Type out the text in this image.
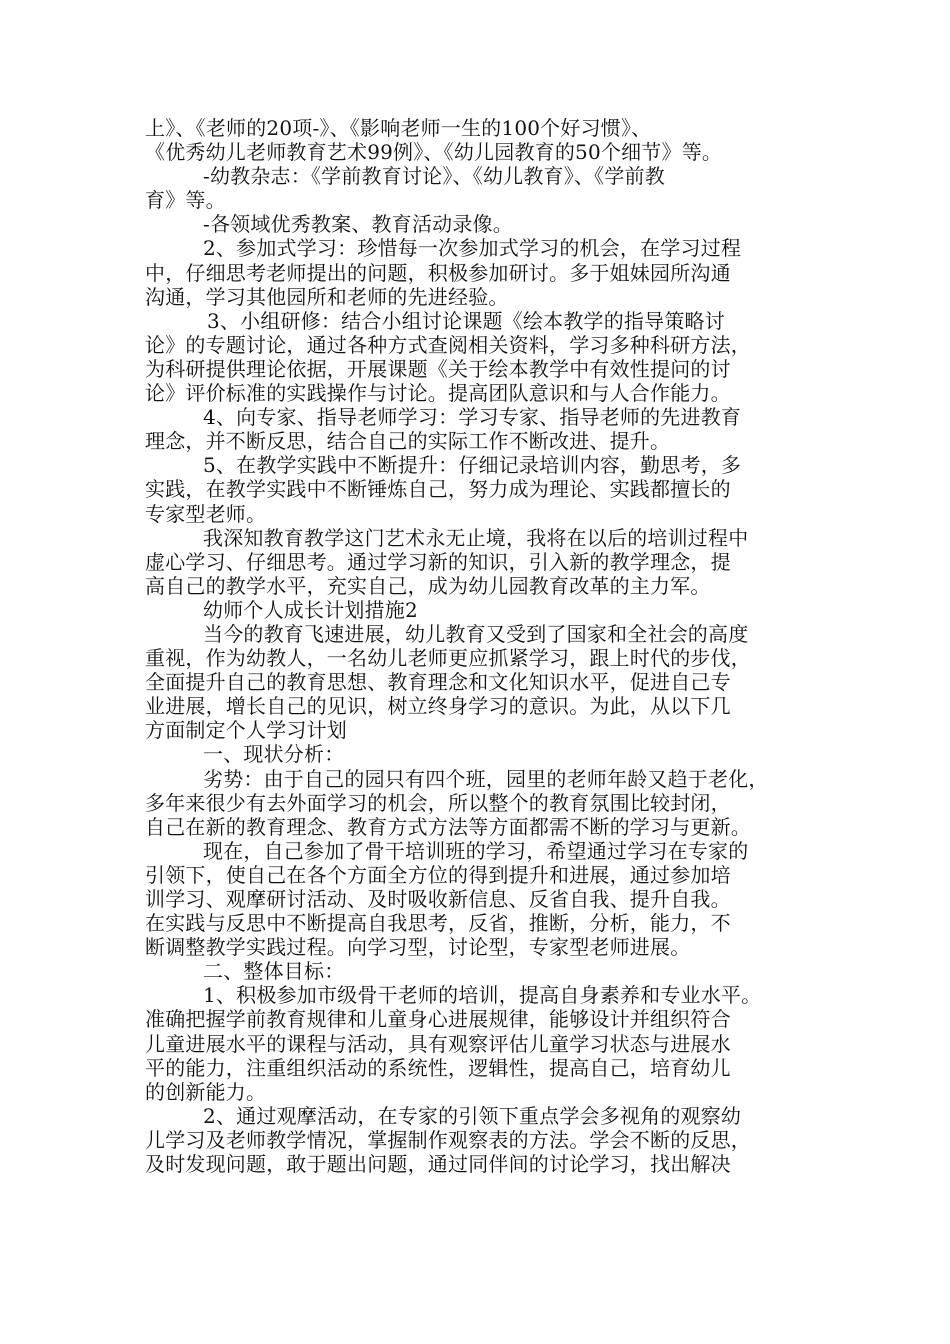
上》、《老师的20项-》、《影响老师一生的100个好习惯》、
《优秀幼儿老师教育艺术99例》、《幼儿园教育的50个细节》等。
-幼教杂志：《学前教育讨论》、《幼儿教育》、《学前教
育》等。
-各领域优秀教案、教育活动录像。
2、参加式学习：珍惜每一次参加式学习的机会，在学习过程
中，仔细思考老师提出的问题，积极参加研讨。多于姐妹园所沟通
沟通，学习其他园所和老师的先进经验。
3、小组研修：结合小组讨论课题《绘本教学的指导策略讨
论》的专题讨论，通过各种方式查阅相关资料，学习多种科研方法，
为科研提供理论依据，开展课题《关于绘本教学中有效性提问的讨
论》评价标准的实践操作与讨论。提高团队意识和与人合作能力。
4、向专家、指导老师学习：学习专家、指导老师的先进教育
理念，并不断反思，结合自己的实际工作不断改进、提升。
5、在教学实践中不断提升：仔细记录培训内容，勤思考，多
实践，在教学实践中不断锤炼自己，努力成为理论、实践都擅长的
专家型老师。
我深知教育教学这门艺术永无止境，我将在以后的培训过程中
虚心学习、仔细思考。通过学习新的知识，引入新的教学理念，提
高自己的教学水平，充实自己，成为幼儿园教育改革的主力军。
幼师个人成长计划措施2
当今的教育飞速进展，幼儿教育又受到了国家和全社会的高度
重视，作为幼教人，一名幼儿老师更应抓紧学习，跟上时代的步伐，
全面提升自己的教育思想、教育理念和文化知识水平，促进自己专
业进展，增长自己的见识，树立终身学习的意识。为此，从以下几
方面制定个人学习计划
一、现状分析：
劣势：由于自己的园只有四个班，园里的老师年龄又趋于老化，
多年来很少有去外面学习的机会，所以整个的教育氛围比较封闭，
自己在新的教育理念、教育方式方法等方面都需不断的学习与更新。
现在，自己参加了骨干培训班的学习，希望通过学习在专家的
引领下，使自己在各个方面全方位的得到提升和进展，通过参加培
训学习、观摩研讨活动、及时吸收新信息、反省自我、提升自我。
在实践与反思中不断提高自我思考，反省，推断，分析，能力，不
断调整教学实践过程。向学习型，讨论型，专家型老师进展。
二、整体目标：
1、积极参加市级骨干老师的培训，提高自身素养和专业水平。
准确把握学前教育规律和儿童身心进展规律，能够设计并组织符合
儿童进展水平的课程与活动，具有观察评估儿童学习状态与进展水
平的能力，注重组织活动的系统性，逻辑性，提高自己，培育幼儿
的创新能力。
2、通过观摩活动，在专家的引领下重点学会多视角的观察幼
儿学习及老师教学情况，掌握制作观察表的方法。学会不断的反思，
及时发现问题，敢于题出问题，通过同伴间的讨论学习，找出解决
